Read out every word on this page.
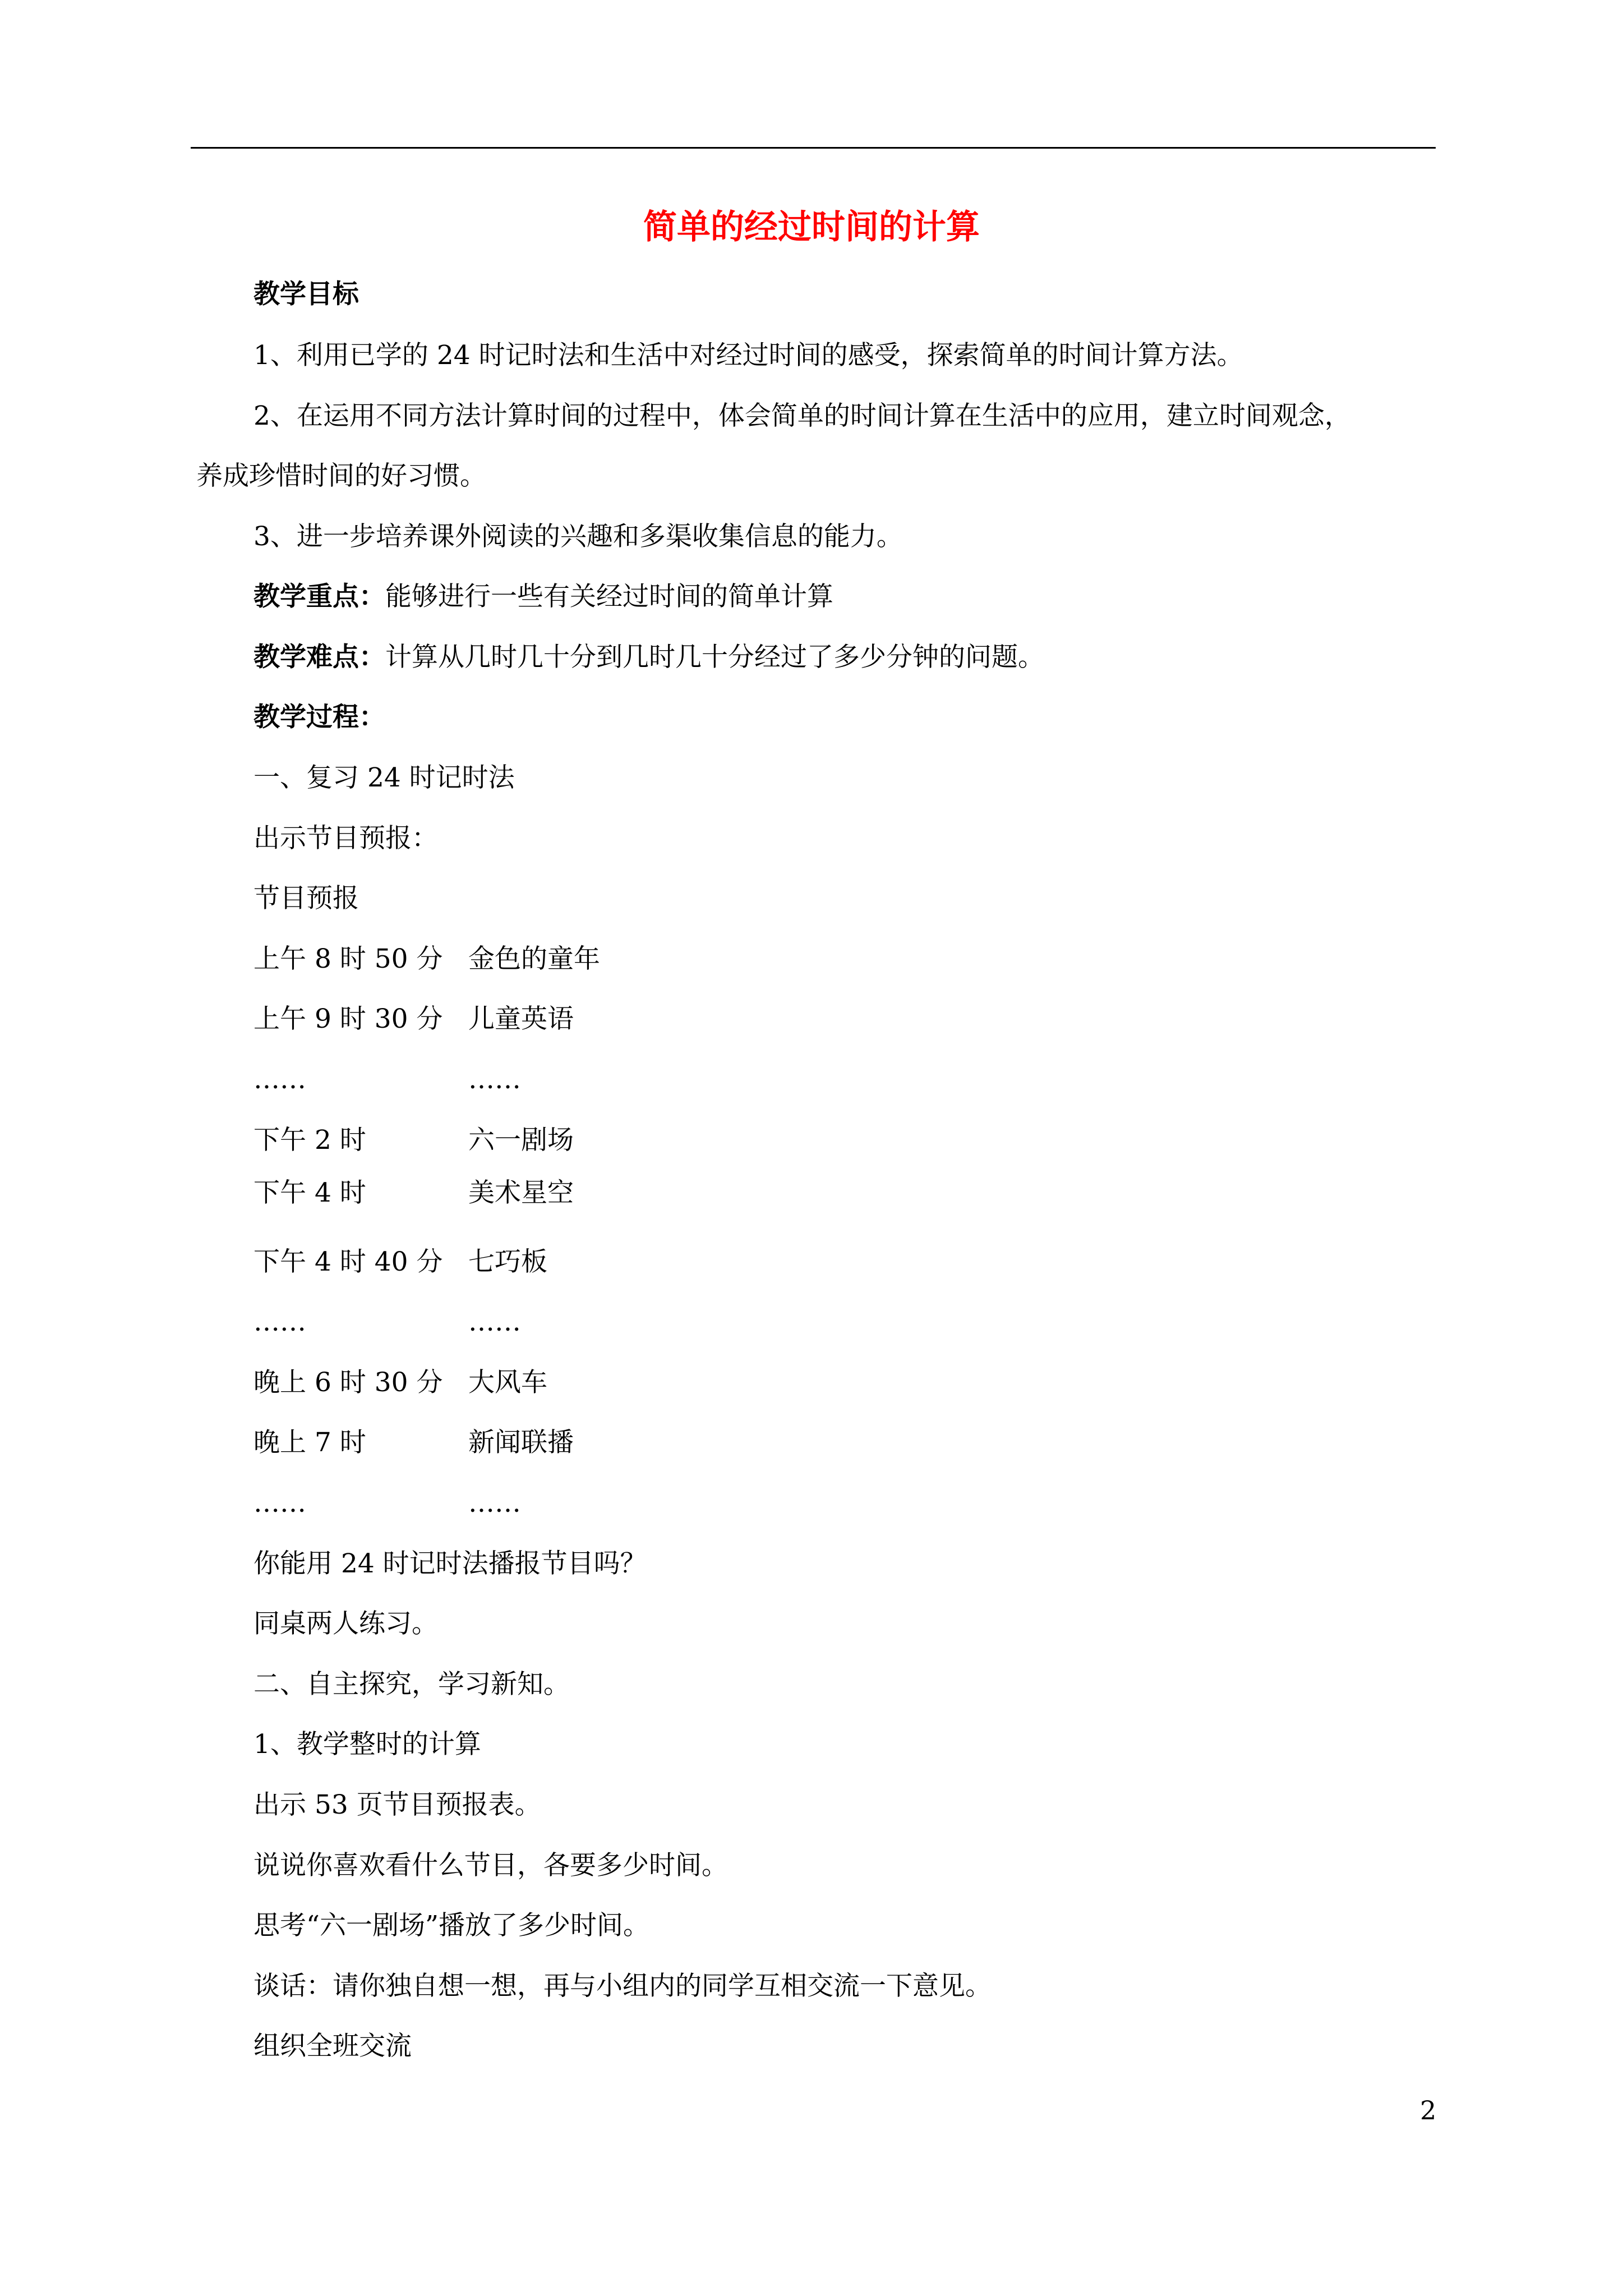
简单的经过时间的计算
教学目标
1、利用已学的 24 时记时法和生活中对经过时间的感受，探索简单的时间计算方法。
2、在运用不同方法计算时间的过程中，体会简单的时间计算在生活中的应用，建立时间观念，
养成珍惜时间的好习惯。
3、进一步培养课外阅读的兴趣和多渠收集信息的能力。
教学重点：能够进行一些有关经过时间的简单计算
教学难点：计算从几时几十分到几时几十分经过了多少分钟的问题。
教学过程：
一、复习 24 时记时法
出示节目预报：
节目预报
上午 8 时 50 分 金色的童年
上午 9 时 30 分 儿童英语
……	……
下午 2 时	六一剧场
下午 4 时	美术星空
下午 4 时 40 分 七巧板
……	……
晚上 6 时 30 分 大风车
晚上 7 时	新闻联播
……	……
你能用 24 时记时法播报节目吗？
同桌两人练习。
二、自主探究，学习新知。
1、教学整时的计算
出示 53 页节目预报表。
说说你喜欢看什么节目，各要多少时间。
思考“六一剧场”播放了多少时间。
谈话：请你独自想一想，再与小组内的同学互相交流一下意见。
组织全班交流
2
